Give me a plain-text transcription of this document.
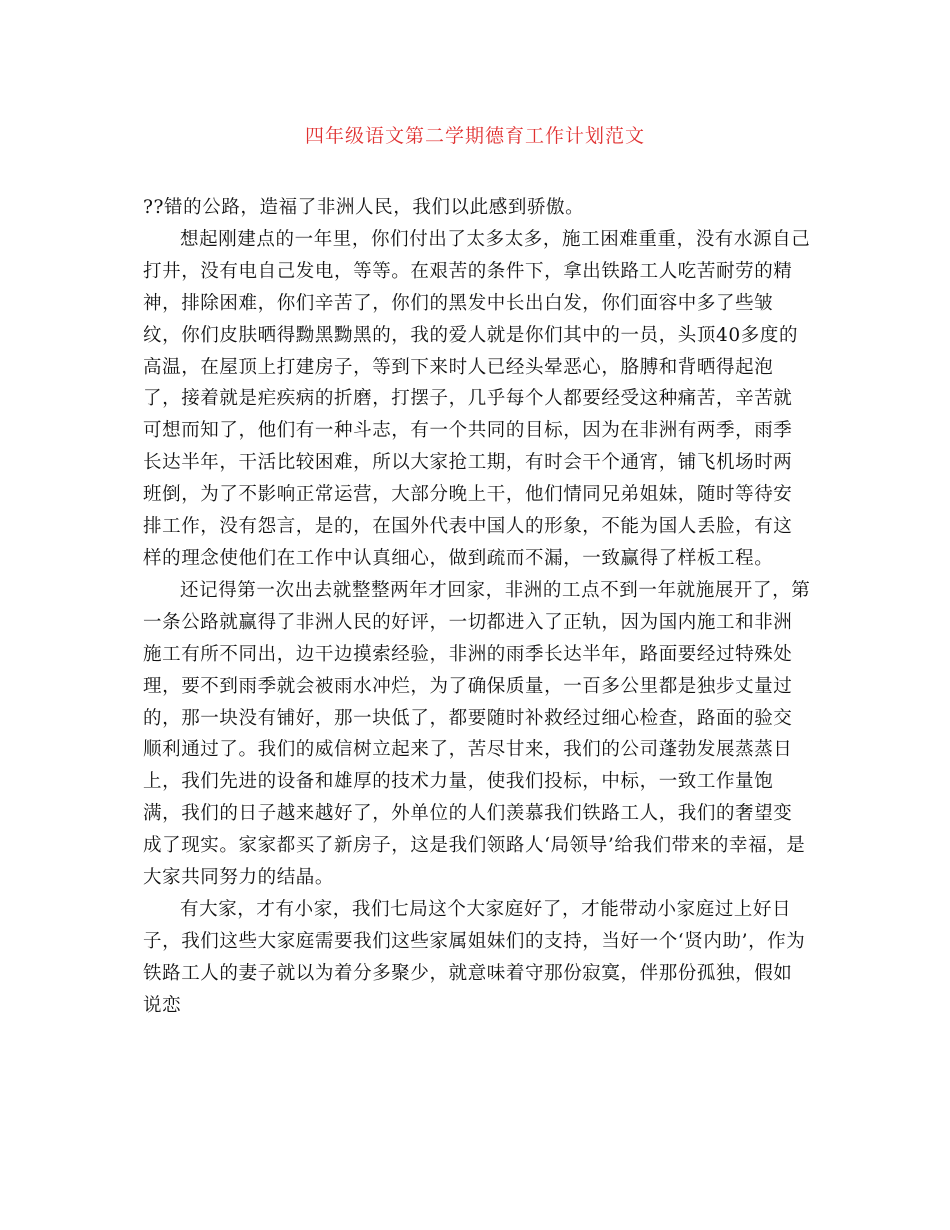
四年级语文第二学期德育工作计划范文

??错的公路，造福了非洲人民，我们以此感到骄傲。

想起刚建点的一年里，你们付出了太多太多，施工困难重重，没有水源自己打井，没有电自己发电，等等。在艰苦的条件下，拿出铁路工人吃苦耐劳的精神，排除困难，你们辛苦了，你们的黑发中长出白发，你们面容中多了些皱纹，你们皮肤晒得黝黑黝黑的，我的爱人就是你们其中的一员，头顶40多度的高温，在屋顶上打建房子，等到下来时人已经头晕恶心，胳膊和背晒得起泡了，接着就是疟疾病的折磨，打摆子，几乎每个人都要经受这种痛苦，辛苦就可想而知了，他们有一种斗志，有一个共同的目标，因为在非洲有两季，雨季长达半年，干活比较困难，所以大家抢工期，有时会干个通宵，铺飞机场时两班倒，为了不影响正常运营，大部分晚上干，他们情同兄弟姐妹，随时等待安排工作，没有怨言，是的，在国外代表中国人的形象，不能为国人丢脸，有这样的理念使他们在工作中认真细心，做到疏而不漏，一致赢得了样板工程。

还记得第一次出去就整整两年才回家，非洲的工点不到一年就施展开了，第一条公路就赢得了非洲人民的好评，一切都进入了正轨，因为国内施工和非洲施工有所不同出，边干边摸索经验，非洲的雨季长达半年，路面要经过特殊处理，要不到雨季就会被雨水冲烂，为了确保质量，一百多公里都是独步丈量过的，那一块没有铺好，那一块低了，都要随时补救经过细心检查，路面的验交顺利通过了。我们的威信树立起来了，苦尽甘来，我们的公司蓬勃发展蒸蒸日上，我们先进的设备和雄厚的技术力量，使我们投标，中标，一致工作量饱满，我们的日子越来越好了，外单位的人们羡慕我们铁路工人，我们的奢望变成了现实。家家都买了新房子，这是我们领路人‘局领导’给我们带来的幸福，是大家共同努力的结晶。

有大家，才有小家，我们七局这个大家庭好了，才能带动小家庭过上好日子，我们这些大家庭需要我们这些家属姐妹们的支持，当好一个‘贤内助’，作为铁路工人的妻子就以为着分多聚少，就意味着守那份寂寞，伴那份孤独，假如说恋
